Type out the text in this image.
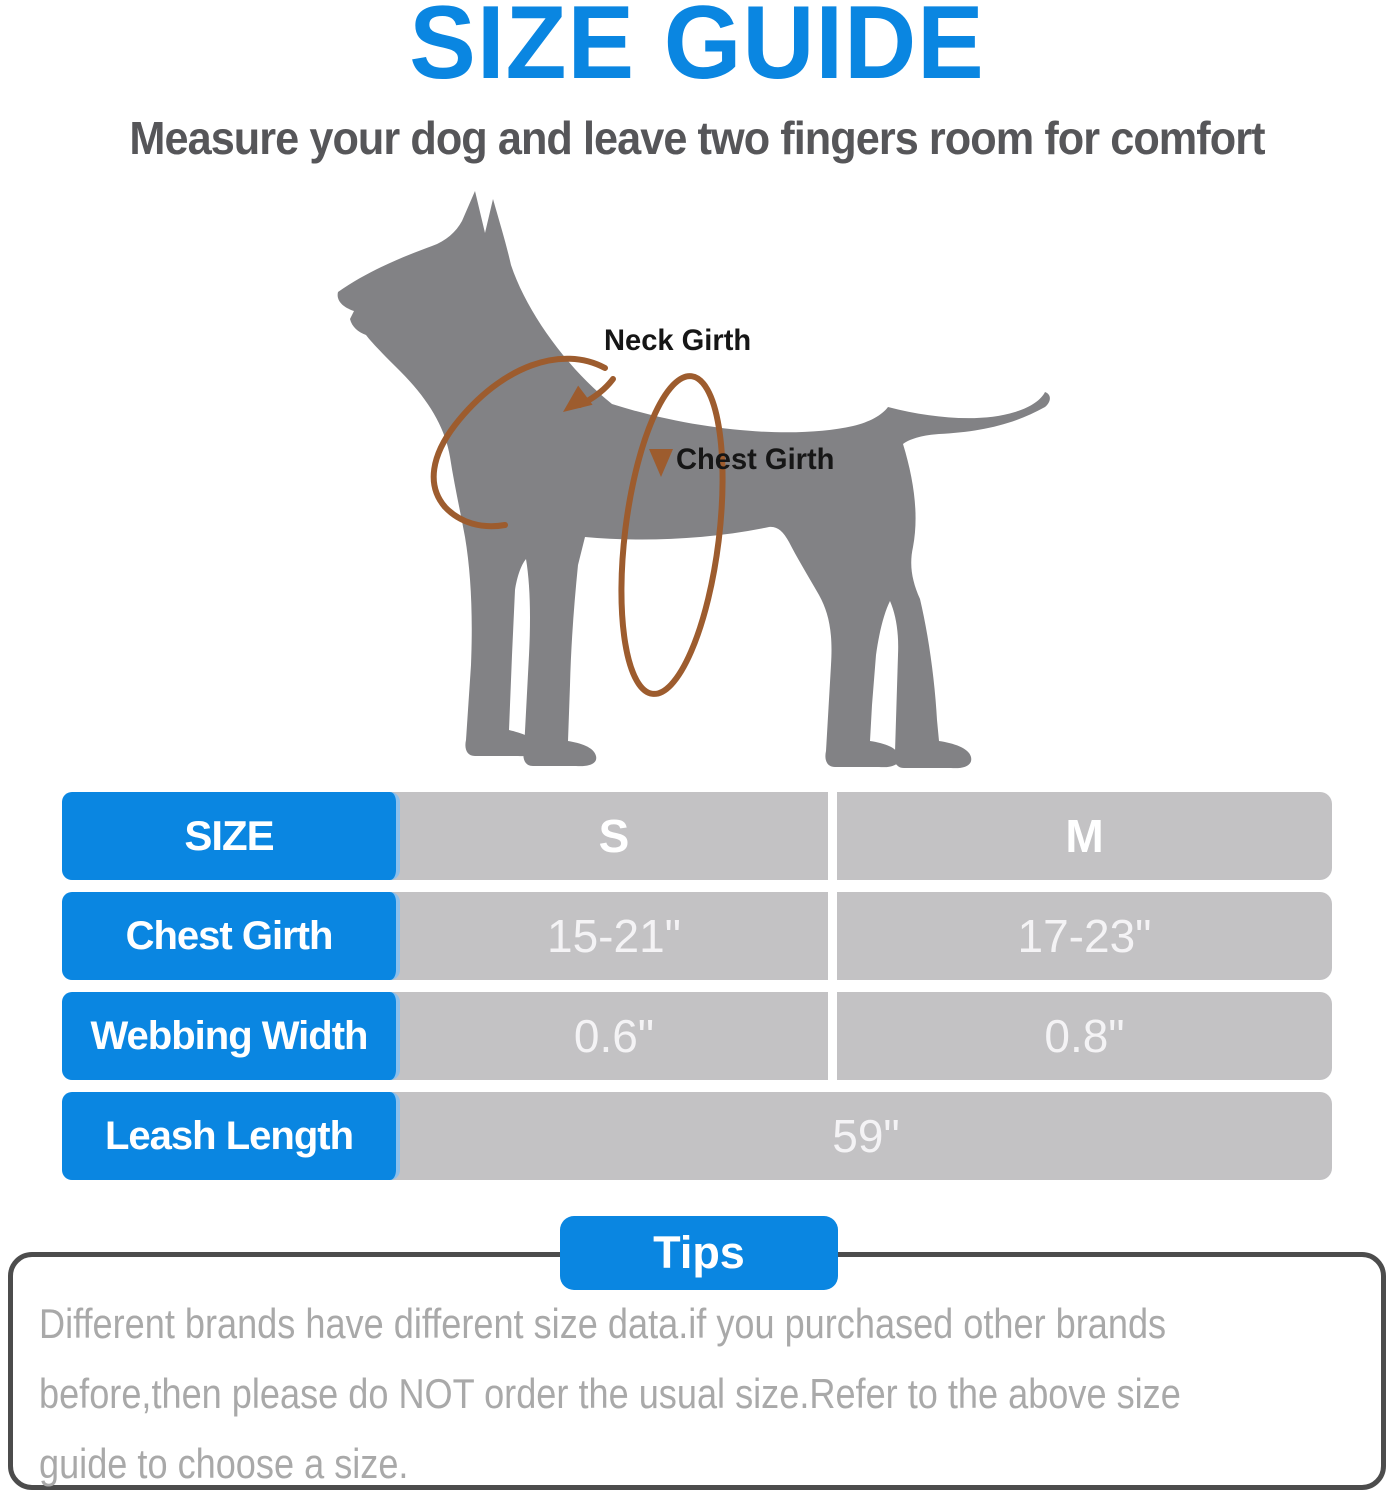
SIZE GUIDE
Measure your dog and leave two fingers room for comfort
Neck Girth
Chest Girth
SIZE	S	M
Chest Girth	15-21"	17-23"
Webbing Width	0.6"	0.8"
Leash Length	59"
Different brands have different size data.if you purchased other brands
before,then please do NOT order the usual size.Refer to the above size
guide to choose a size.
Tips
